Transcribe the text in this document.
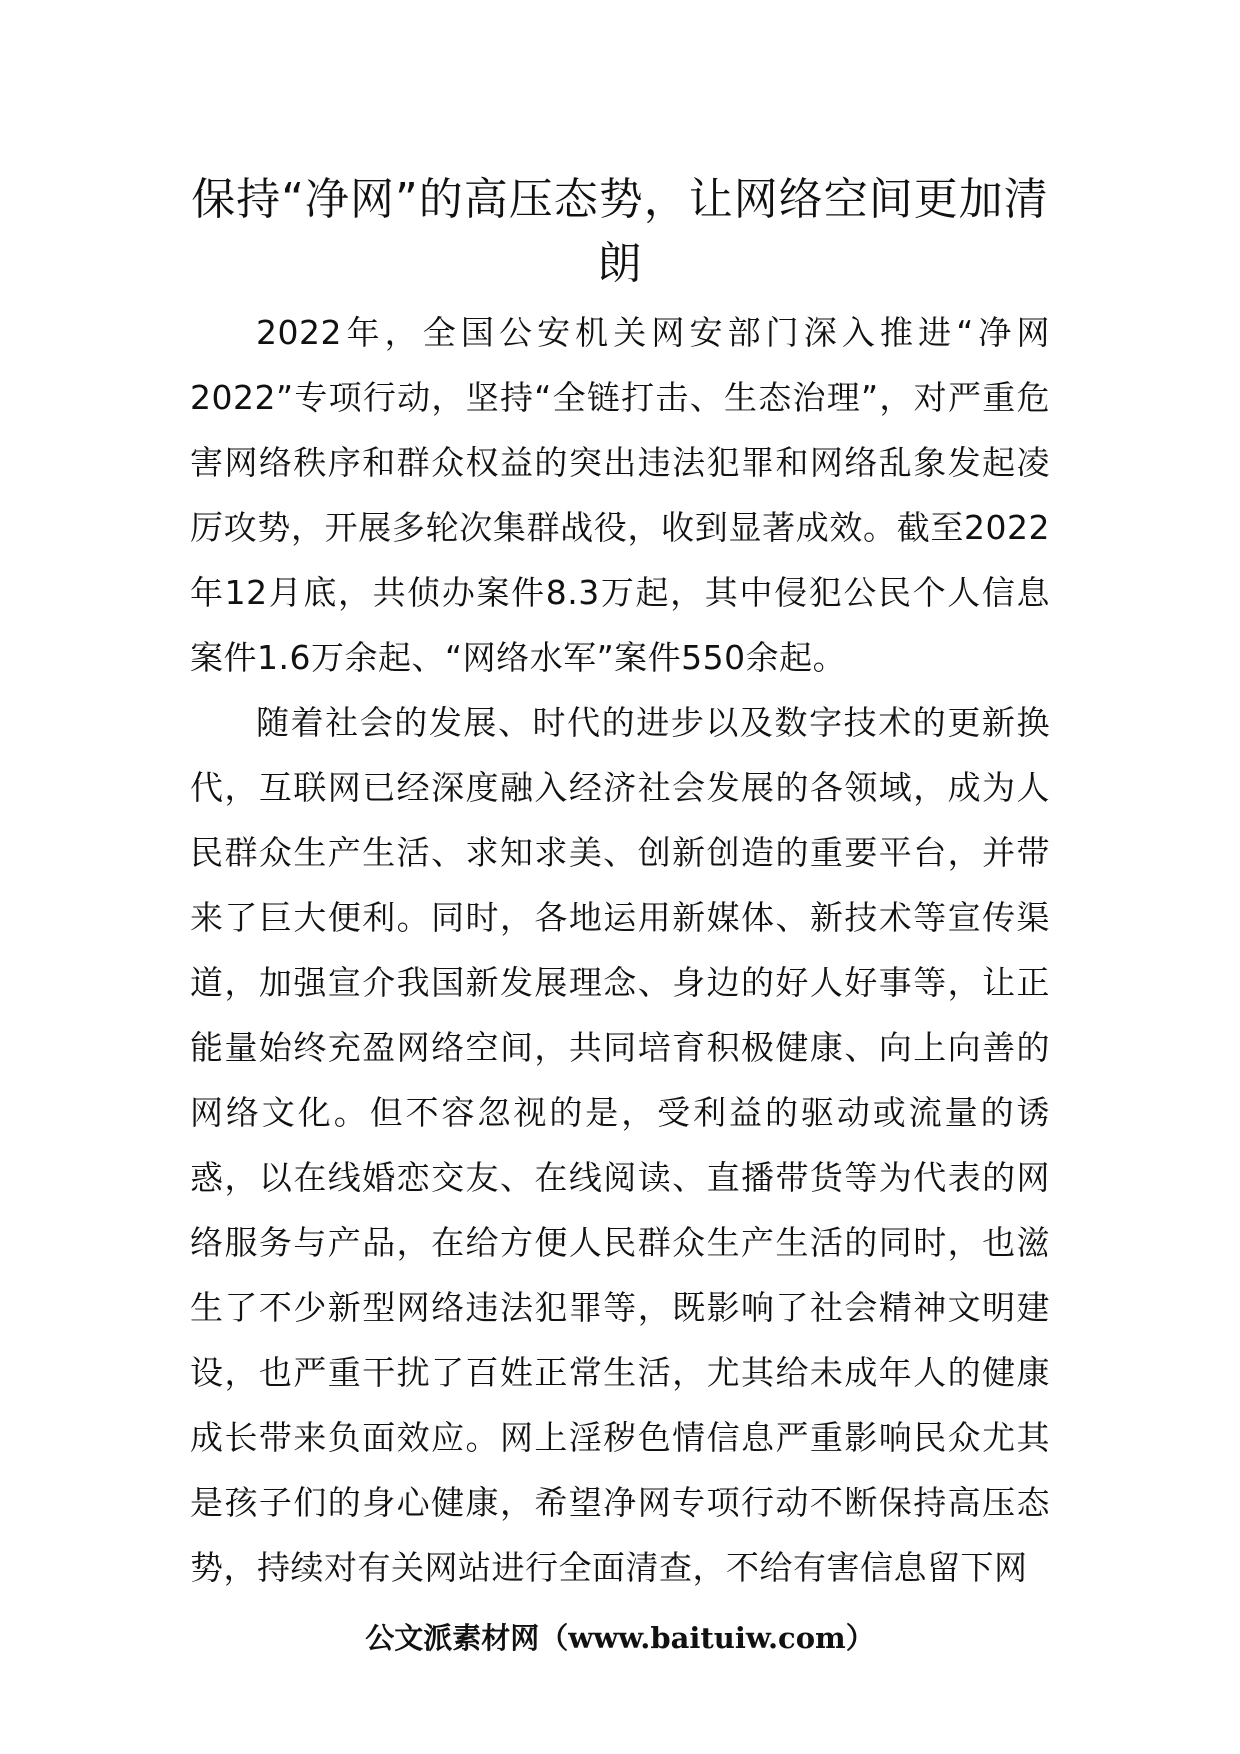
保持“净网”的高压态势，让网络空间更加清朗

2022年，全国公安机关网安部门深入推进“净网2022”专项行动，坚持“全链打击、生态治理”，对严重危害网络秩序和群众权益的突出违法犯罪和网络乱象发起凌厉攻势，开展多轮次集群战役，收到显著成效。截至2022年12月底，共侦办案件8.3万起，其中侵犯公民个人信息案件1.6万余起、“网络水军”案件550余起。

随着社会的发展、时代的进步以及数字技术的更新换代，互联网已经深度融入经济社会发展的各领域，成为人民群众生产生活、求知求美、创新创造的重要平台，并带来了巨大便利。同时，各地运用新媒体、新技术等宣传渠道，加强宣介我国新发展理念、身边的好人好事等，让正能量始终充盈网络空间，共同培育积极健康、向上向善的网络文化。但不容忽视的是，受利益的驱动或流量的诱惑，以在线婚恋交友、在线阅读、直播带货等为代表的网络服务与产品，在给方便人民群众生产生活的同时，也滋生了不少新型网络违法犯罪等，既影响了社会精神文明建设，也严重干扰了百姓正常生活，尤其给未成年人的健康成长带来负面效应。网上淫秽色情信息严重影响民众尤其是孩子们的身心健康，希望净网专项行动不断保持高压态势，持续对有关网站进行全面清查，不给有害信息留下网

公文派素材网（www.baituiw.com）
